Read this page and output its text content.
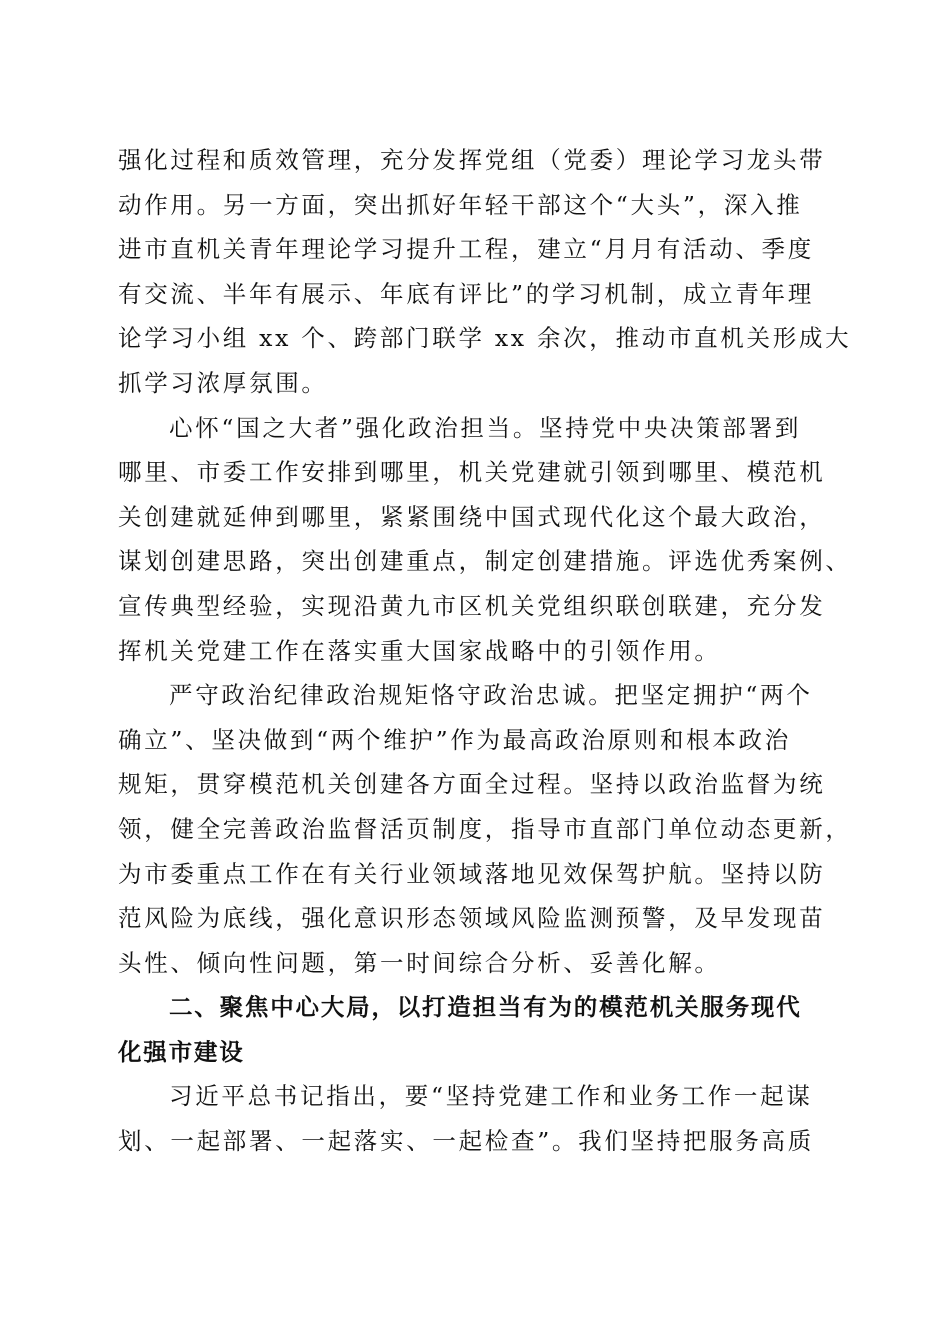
强化过程和质效管理，充分发挥党组（党委）理论学习龙头带
动作用。另一方面，突出抓好年轻干部这个“大头”，深入推
进市直机关青年理论学习提升工程，建立“月月有活动、季度
有交流、半年有展示、年底有评比”的学习机制，成立青年理
论学习小组 xx 个、跨部门联学 xx 余次，推动市直机关形成大
抓学习浓厚氛围。
心怀“国之大者”强化政治担当。坚持党中央决策部署到
哪里、市委工作安排到哪里，机关党建就引领到哪里、模范机
关创建就延伸到哪里，紧紧围绕中国式现代化这个最大政治，
谋划创建思路，突出创建重点，制定创建措施。评选优秀案例、
宣传典型经验，实现沿黄九市区机关党组织联创联建，充分发
挥机关党建工作在落实重大国家战略中的引领作用。
严守政治纪律政治规矩恪守政治忠诚。把坚定拥护“两个
确立”、坚决做到“两个维护”作为最高政治原则和根本政治
规矩，贯穿模范机关创建各方面全过程。坚持以政治监督为统
领，健全完善政治监督活页制度，指导市直部门单位动态更新，
为市委重点工作在有关行业领域落地见效保驾护航。坚持以防
范风险为底线，强化意识形态领域风险监测预警，及早发现苗
头性、倾向性问题，第一时间综合分析、妥善化解。
二、聚焦中心大局，以打造担当有为的模范机关服务现代
化强市建设
习近平总书记指出，要“坚持党建工作和业务工作一起谋
划、一起部署、一起落实、一起检查”。我们坚持把服务高质
